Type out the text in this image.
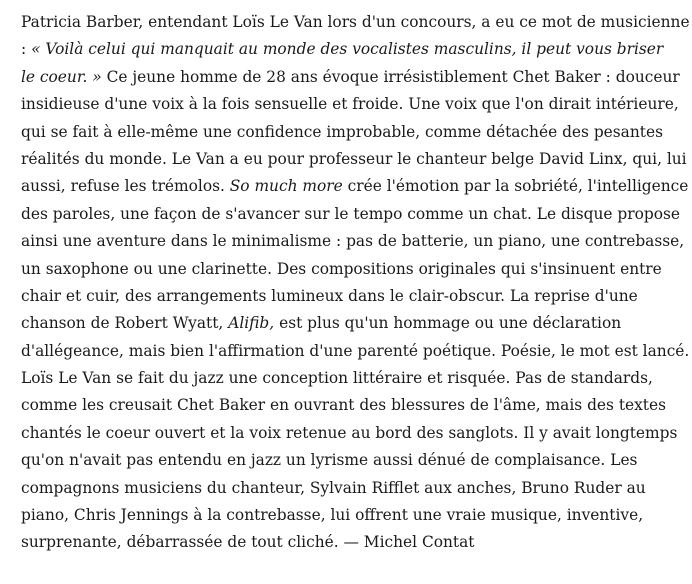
Patricia Barber, entendant Loïs Le Van lors d'un concours, a eu ce mot de musicienne
: « Voilà celui qui manquait au monde des vocalistes masculins, il peut vous briser
le coeur. » Ce jeune homme de 28 ans évoque irrésistiblement Chet Baker : douceur
insidieuse d'une voix à la fois sensuelle et froide. Une voix que l'on dirait intérieure,
qui se fait à elle-même une confidence improbable, comme détachée des pesantes
réalités du monde. Le Van a eu pour professeur le chanteur belge David Linx, qui, lui
aussi, refuse les trémolos. So much more crée l'émotion par la sobriété, l'intelligence
des paroles, une façon de s'avancer sur le tempo comme un chat. Le disque propose
ainsi une aventure dans le minimalisme : pas de batterie, un piano, une contrebasse,
un saxophone ou une clarinette. Des compositions originales qui s'insinuent entre
chair et cuir, des arrangements lumineux dans le clair-obscur. La reprise d'une
chanson de Robert Wyatt, Alifib, est plus qu'un hommage ou une déclaration
d'allégeance, mais bien l'affirmation d'une parenté poétique. Poésie, le mot est lancé.
Loïs Le Van se fait du jazz une conception littéraire et risquée. Pas de standards,
comme les creusait Chet Baker en ouvrant des blessures de l'âme, mais des textes
chantés le coeur ouvert et la voix retenue au bord des sanglots. Il y avait longtemps
qu'on n'avait pas entendu en jazz un lyrisme aussi dénué de complaisance. Les
compagnons musiciens du chanteur, Sylvain Rifflet aux anches, Bruno Ruder au
piano, Chris Jennings à la contrebasse, lui offrent une vraie musique, inventive,
surprenante, débarrassée de tout cliché. — Michel Contat
